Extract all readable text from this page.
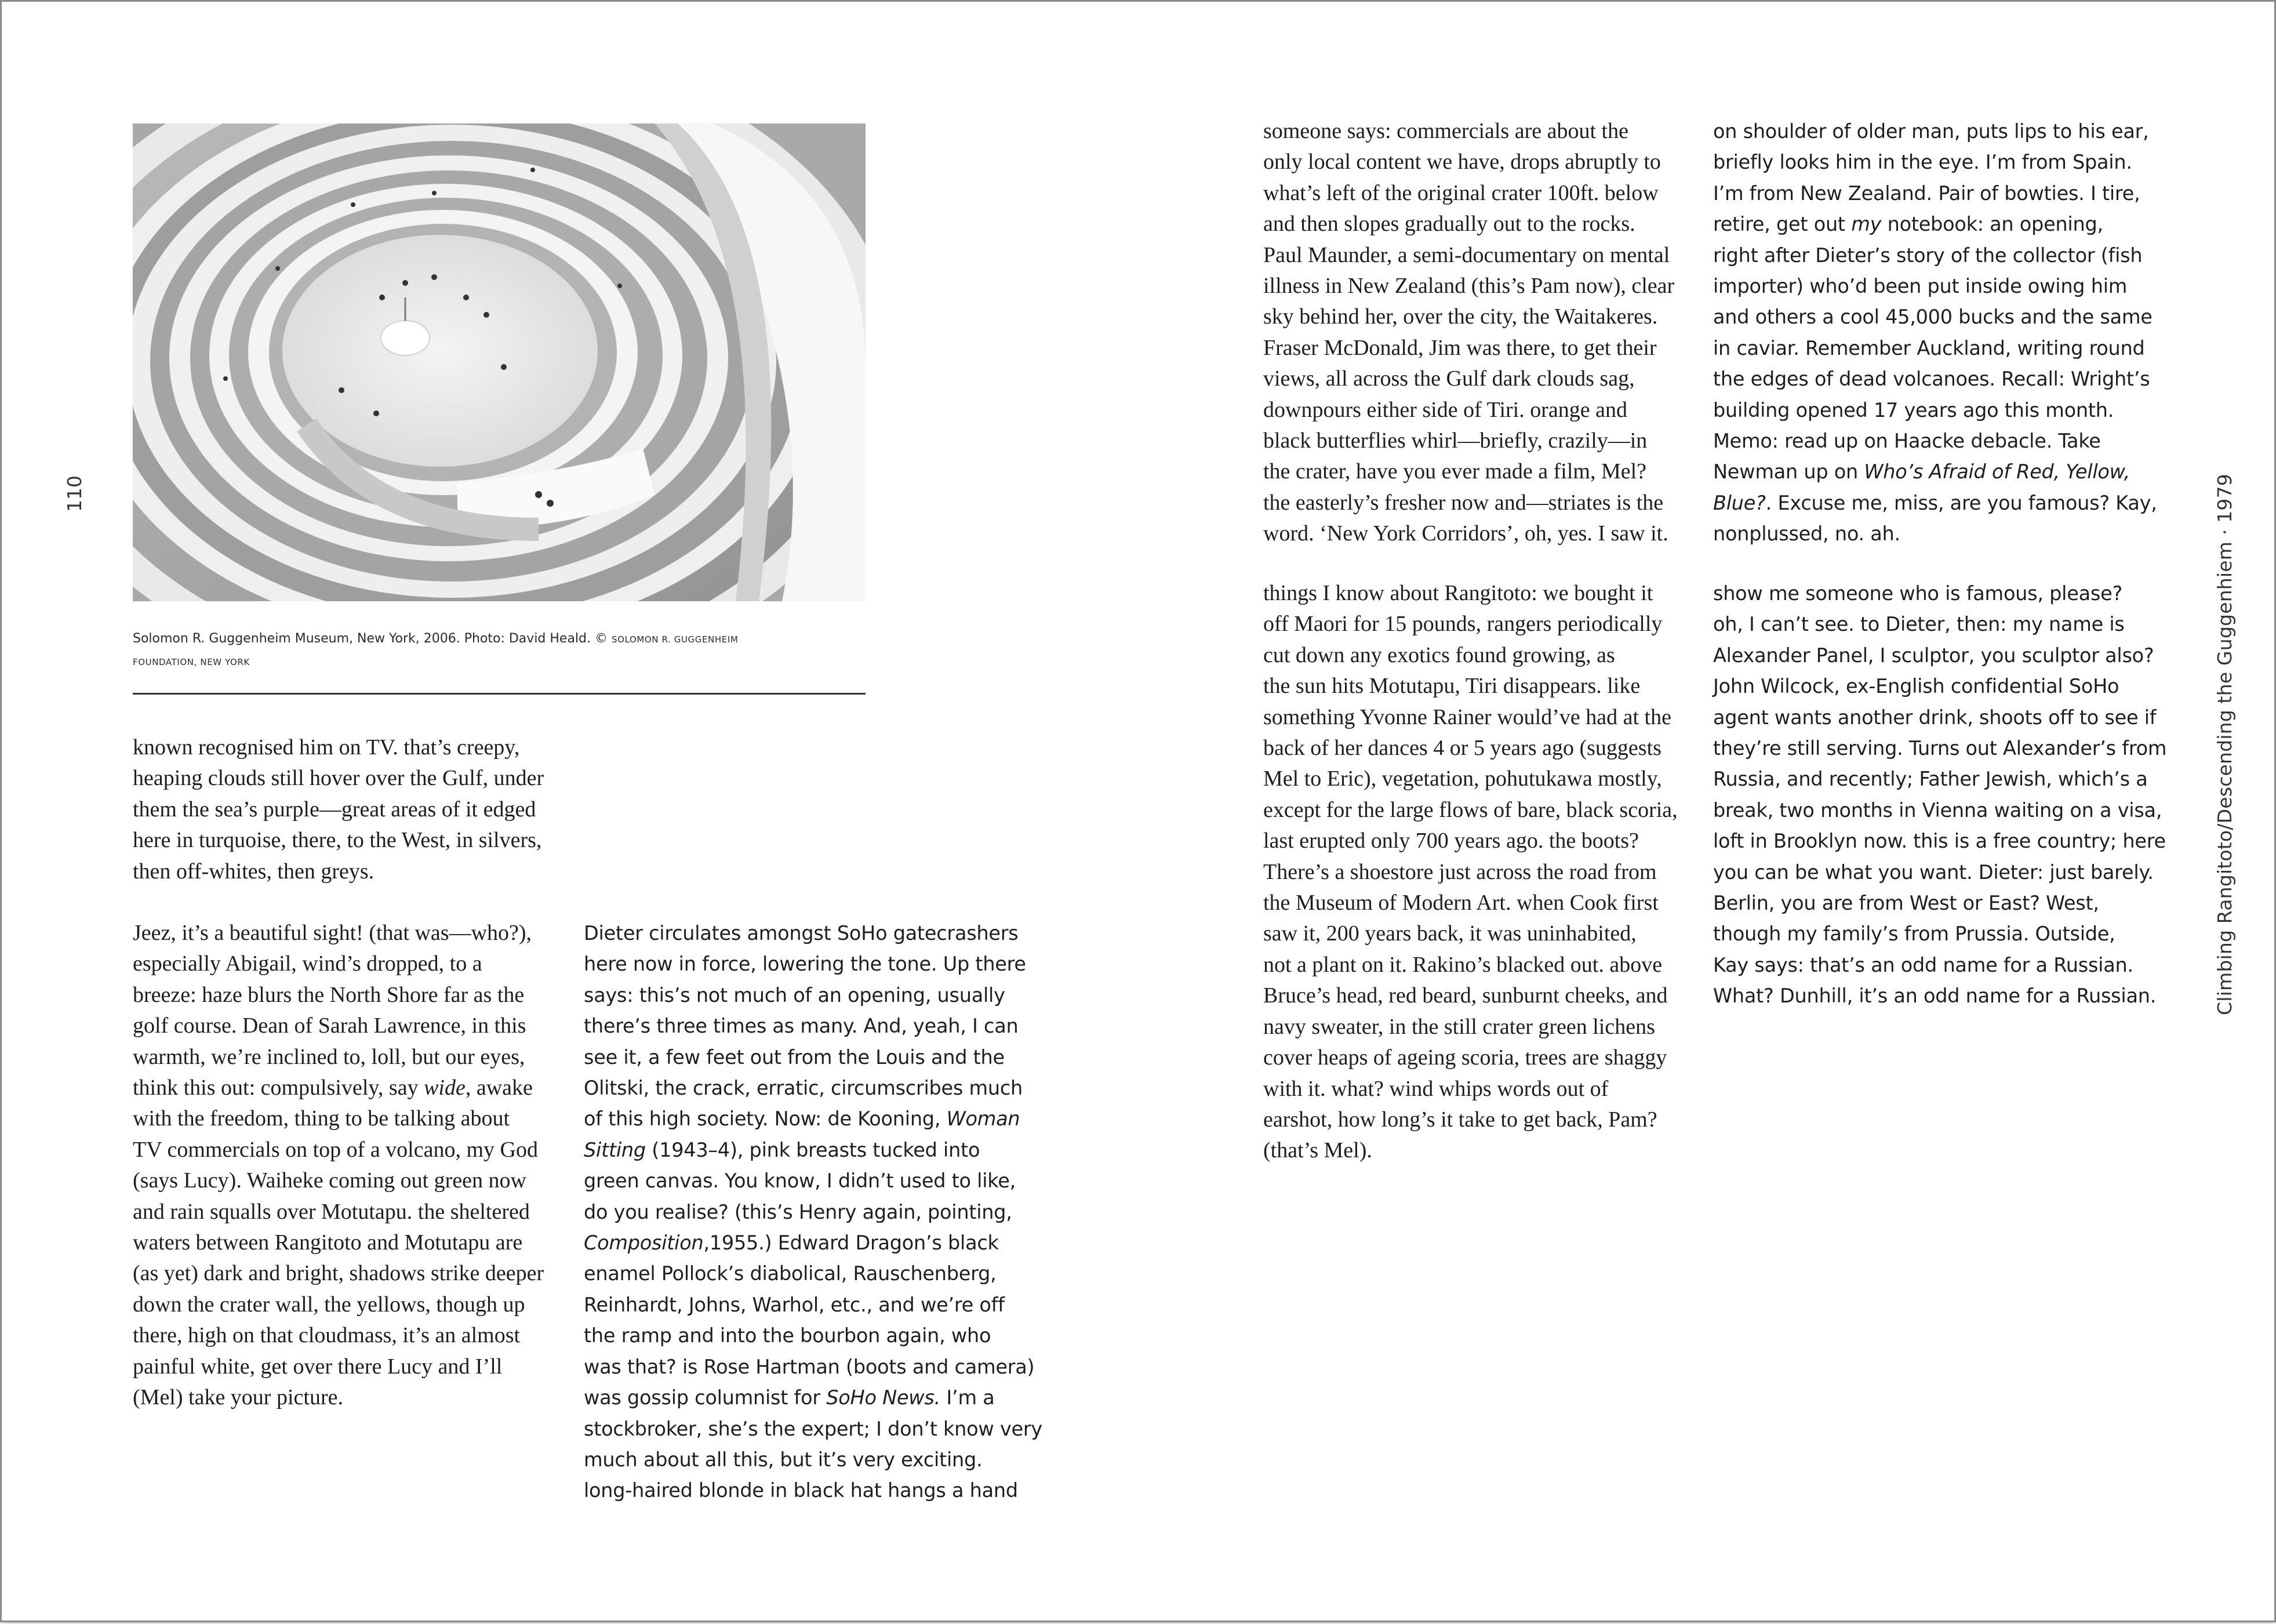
110

Solomon R. Guggenheim Museum, New York, 2006. Photo: David Heald. © SOLOMON R. GUGGENHEIM
FOUNDATION, NEW YORK

known recognised him on TV. that’s creepy,
heaping clouds still hover over the Gulf, under
them the sea’s purple—great areas of it edged
here in turquoise, there, to the West, in silvers,
then off-whites, then greys.

Jeez, it’s a beautiful sight! (that was—who?),
especially Abigail, wind’s dropped, to a
breeze: haze blurs the North Shore far as the
golf course. Dean of Sarah Lawrence, in this
warmth, we’re inclined to, loll, but our eyes,
think this out: compulsively, say wide, awake
with the freedom, thing to be talking about
TV commercials on top of a volcano, my God
(says Lucy). Waiheke coming out green now
and rain squalls over Motutapu. the sheltered
waters between Rangitoto and Motutapu are
(as yet) dark and bright, shadows strike deeper
down the crater wall, the yellows, though up
there, high on that cloudmass, it’s an almost
painful white, get over there Lucy and I’ll
(Mel) take your picture.

Dieter circulates amongst SoHo gatecrashers
here now in force, lowering the tone. Up there
says: this’s not much of an opening, usually
there’s three times as many. And, yeah, I can
see it, a few feet out from the Louis and the
Olitski, the crack, erratic, circumscribes much
of this high society. Now: de Kooning, Woman
Sitting (1943–4), pink breasts tucked into
green canvas. You know, I didn’t used to like,
do you realise? (this’s Henry again, pointing,
Composition,1955.) Edward Dragon’s black
enamel Pollock’s diabolical, Rauschenberg,
Reinhardt, Johns, Warhol, etc., and we’re off
the ramp and into the bourbon again, who
was that? is Rose Hartman (boots and camera)
was gossip columnist for SoHo News. I’m a
stockbroker, she’s the expert; I don’t know very
much about all this, but it’s very exciting.
long-haired blonde in black hat hangs a hand

someone says: commercials are about the
only local content we have, drops abruptly to
what’s left of the original crater 100ft. below
and then slopes gradually out to the rocks.
Paul Maunder, a semi-documentary on mental
illness in New Zealand (this’s Pam now), clear
sky behind her, over the city, the Waitakeres.
Fraser McDonald, Jim was there, to get their
views, all across the Gulf dark clouds sag,
downpours either side of Tiri. orange and
black butterflies whirl—briefly, crazily—in
the crater, have you ever made a film, Mel?
the easterly’s fresher now and—striates is the
word. ‘New York Corridors’, oh, yes. I saw it.

things I know about Rangitoto: we bought it
off Maori for 15 pounds, rangers periodically
cut down any exotics found growing, as
the sun hits Motutapu, Tiri disappears. like
something Yvonne Rainer would’ve had at the
back of her dances 4 or 5 years ago (suggests
Mel to Eric), vegetation, pohutukawa mostly,
except for the large flows of bare, black scoria,
last erupted only 700 years ago. the boots?
There’s a shoestore just across the road from
the Museum of Modern Art. when Cook first
saw it, 200 years back, it was uninhabited,
not a plant on it. Rakino’s blacked out. above
Bruce’s head, red beard, sunburnt cheeks, and
navy sweater, in the still crater green lichens
cover heaps of ageing scoria, trees are shaggy
with it. what? wind whips words out of
earshot, how long’s it take to get back, Pam?
(that’s Mel).

on shoulder of older man, puts lips to his ear,
briefly looks him in the eye. I’m from Spain.
I’m from New Zealand. Pair of bowties. I tire,
retire, get out my notebook: an opening,
right after Dieter’s story of the collector (fish
importer) who’d been put inside owing him
and others a cool 45,000 bucks and the same
in caviar. Remember Auckland, writing round
the edges of dead volcanoes. Recall: Wright’s
building opened 17 years ago this month.
Memo: read up on Haacke debacle. Take
Newman up on Who’s Afraid of Red, Yellow,
Blue?. Excuse me, miss, are you famous? Kay,
nonplussed, no. ah.

show me someone who is famous, please?
oh, I can’t see. to Dieter, then: my name is
Alexander Panel, I sculptor, you sculptor also?
John Wilcock, ex-English confidential SoHo
agent wants another drink, shoots off to see if
they’re still serving. Turns out Alexander’s from
Russia, and recently; Father Jewish, which’s a
break, two months in Vienna waiting on a visa,
loft in Brooklyn now. this is a free country; here
you can be what you want. Dieter: just barely.
Berlin, you are from West or East? West,
though my family’s from Prussia. Outside,
Kay says: that’s an odd name for a Russian.
What? Dunhill, it’s an odd name for a Russian.	Climbing Rangitoto/Descending the Guggenhiem · 1979
